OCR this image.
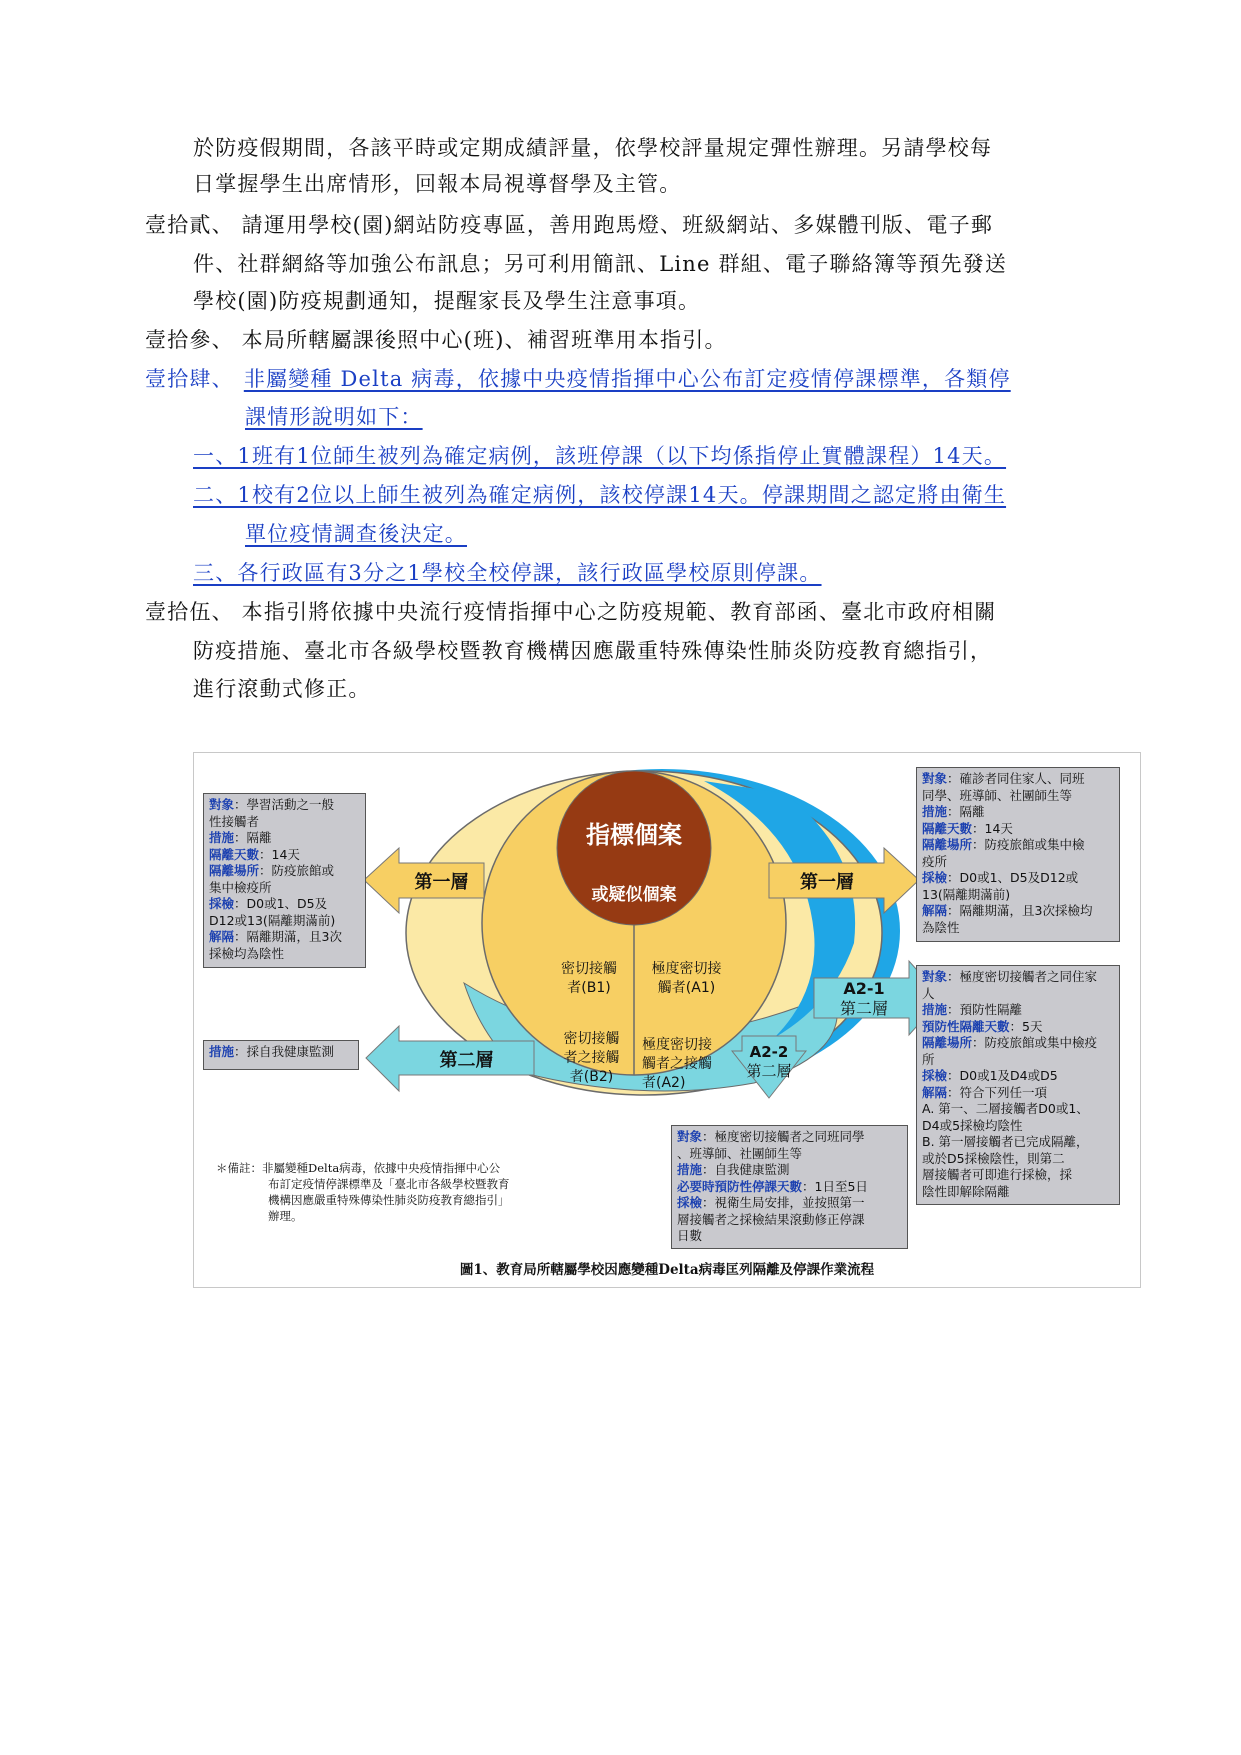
於防疫假期間，各該平時或定期成績評量，依學校評量規定彈性辦理。另請學校每
日掌握學生出席情形，回報本局視導督學及主管。
壹拾貳、 請運用學校(園)網站防疫專區，善用跑馬燈、班級網站、多媒體刊版、電子郵
件、社群網絡等加強公布訊息；另可利用簡訊、Line 群組、電子聯絡簿等預先發送
學校(園)防疫規劃通知，提醒家長及學生注意事項。
壹拾參、 本局所轄屬課後照中心(班)、補習班準用本指引。
壹拾肆、 非屬變種 Delta 病毒，依據中央疫情指揮中心公布訂定疫情停課標準，各類停
課情形說明如下：
一、1班有1位師生被列為確定病例，該班停課（以下均係指停止實體課程）14天。
二、1校有2位以上師生被列為確定病例，該校停課14天。停課期間之認定將由衛生
單位疫情調查後決定。
三、各行政區有3分之1學校全校停課，該行政區學校原則停課。
壹拾伍、 本指引將依據中央流行疫情指揮中心之防疫規範、教育部函、臺北市政府相關
防疫措施、臺北市各級學校暨教育機構因應嚴重特殊傳染性肺炎防疫教育總指引，
進行滾動式修正。
指標個案
或疑似個案
第一層	第一層
第二層
A2-1
第二層
A2-2
第二層
密切接觸
者(B1)
極度密切接
觸者(A1)
密切接觸
者之接觸
者(B2)
極度密切接
觸者之接觸
者(A2)
對象：學習活動之一般
性接觸者
措施：隔離
隔離天數：14天
隔離場所：防疫旅館或
集中檢疫所
採檢：D0或1、D5及
D12或13(隔離期滿前)
解隔：隔離期滿，且3次
採檢均為陰性
措施：採自我健康監測
對象：確診者同住家人、同班
同學、班導師、社團師生等
措施：隔離
隔離天數：14天
隔離場所：防疫旅館或集中檢
疫所
採檢：D0或1、D5及D12或
13(隔離期滿前)
解隔：隔離期滿，且3次採檢均
為陰性
對象：極度密切接觸者之同住家
人
措施：預防性隔離
預防性隔離天數：5天
隔離場所：防疫旅館或集中檢疫
所
採檢：D0或1及D4或D5
解隔：符合下列任一項
A. 第一、二層接觸者D0或1、
D4或5採檢均陰性
B. 第一層接觸者已完成隔離，
或於D5採檢陰性，則第二
層接觸者可即進行採檢，採
陰性即解除隔離
對象：極度密切接觸者之同班同學
、班導師、社團師生等
措施：自我健康監測
必要時預防性停課天數：1日至5日
採檢：視衛生局安排，並按照第一
層接觸者之採檢結果滾動修正停課
日數
＊備註：非屬變種Delta病毒，依據中央疫情指揮中心公
布訂定疫情停課標準及「臺北市各級學校暨教育
機構因應嚴重特殊傳染性肺炎防疫教育總指引」
辦理。
圖1、教育局所轄屬學校因應變種Delta病毒匡列隔離及停課作業流程
